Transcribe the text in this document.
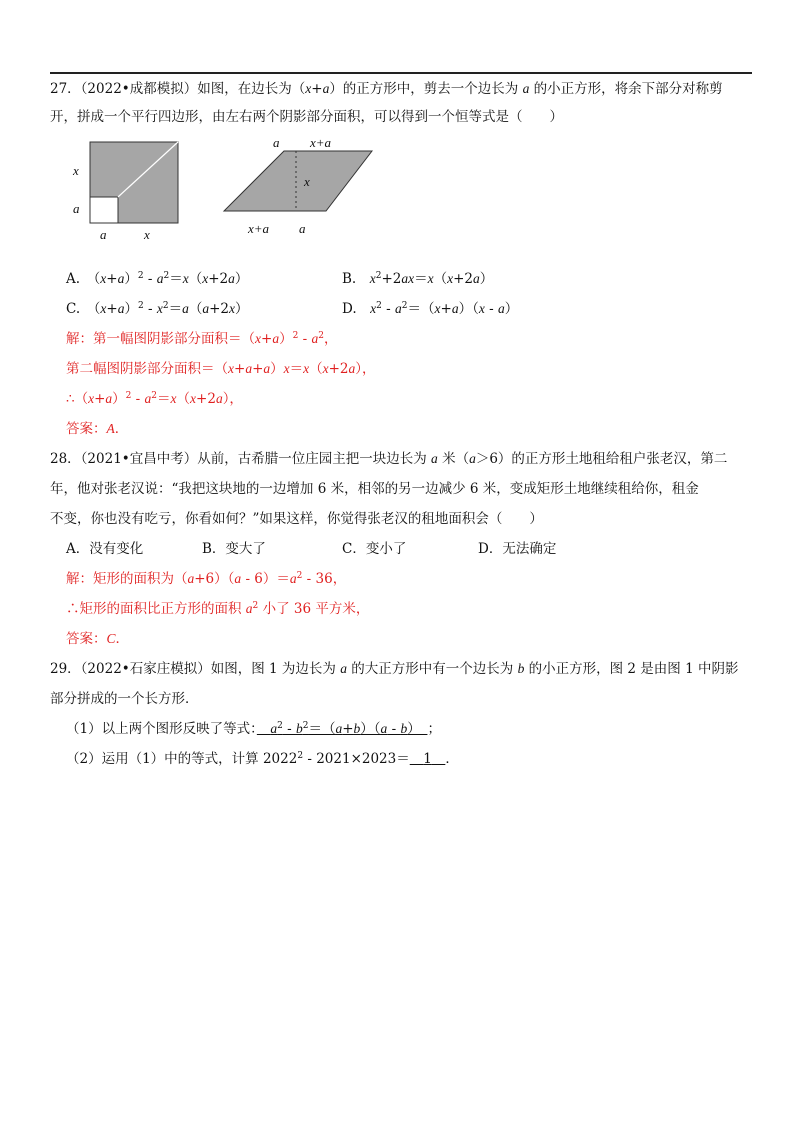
27．（2022•成都模拟）如图，在边长为（x+a）的正方形中，剪去一个边长为 a 的小正方形，将余下部分对称剪
开，拼成一个平行四边形，由左右两个阴影部分面积，可以得到一个恒等式是（　　）
x
a
a	x
a x+a
x
x+a a
A.　$(x+a)^2 - a^2=x(x+2a)$	B.　 $x^2+2ax=x(x+2a)$
C.　$(x+a)^2 - x^2=a(a+2x)$	D.　 $x^2 - a^2=(x+a)(x - a)$
解：第一幅图阴影部分面积$=(x+a)^2 - a^2$，
第二幅图阴影部分面积＝（x+a+a）x＝x（x+2a），
$\therefore(x+a)^2 - a^2=x(x+2a)$，
答案：A．
28．（2021•宜昌中考）从前，古希腊一位庄园主把一块边长为 a 米（a＞6）的正方形土地租给租户张老汉，第二
年，他对张老汉说：“我把这块地的一边增加 6 米，相邻的另一边减少 6 米，变成矩形土地继续租给你，租金
不变，你也没有吃亏，你看如何？”如果这样，你觉得张老汉的租地面积会（　　）
A．没有变化	B．变大了	C．变小了	D．无法确定
解：矩形的面积为$(a+6)(a - 6)=a^2 - 36$，
∴矩形的面积比正方形的面积 $a^2$ 小了 36 平方米，
答案：C．
29．（2022•石家庄模拟）如图，图 1 为边长为 a 的大正方形中有一个边长为 b 的小正方形，图 2 是由图 1 中阴影
部分拼成的一个长方形．
（1）以上两个图形反映了等式：　 $a^2 - b^2=(a+b)(a - b)$　；
（2）运用（1）中的等式，计算 2022$^2$ - 2021×2023＝　 1　 ．
